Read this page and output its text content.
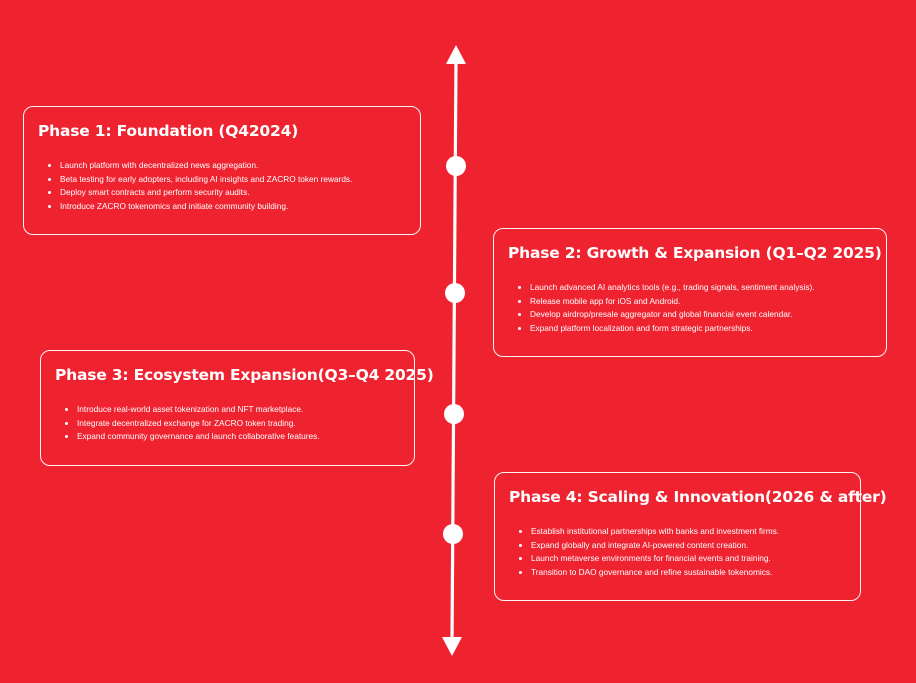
Phase 1: Foundation (Q42024)
Launch platform with decentralized news aggregation.
Beta testing for early adopters, including AI insights and ZACRO token rewards.
Deploy smart contracts and perform security audits.
Introduce ZACRO tokenomics and initiate community building.
Phase 2: Growth & Expansion (Q1–Q2 2025)
Launch advanced AI analytics tools (e.g., trading signals, sentiment analysis).
Release mobile app for iOS and Android.
Develop airdrop/presale aggregator and global financial event calendar.
Expand platform localization and form strategic partnerships.
Phase 3: Ecosystem Expansion(Q3–Q4 2025)
Introduce real-world asset tokenization and NFT marketplace.
Integrate decentralized exchange for ZACRO token trading.
Expand community governance and launch collaborative features.
Phase 4: Scaling & Innovation(2026 & after)
Establish institutional partnerships with banks and investment firms.
Expand globally and integrate AI-powered content creation.
Launch metaverse environments for financial events and training.
Transition to DAO governance and refine sustainable tokenomics.
